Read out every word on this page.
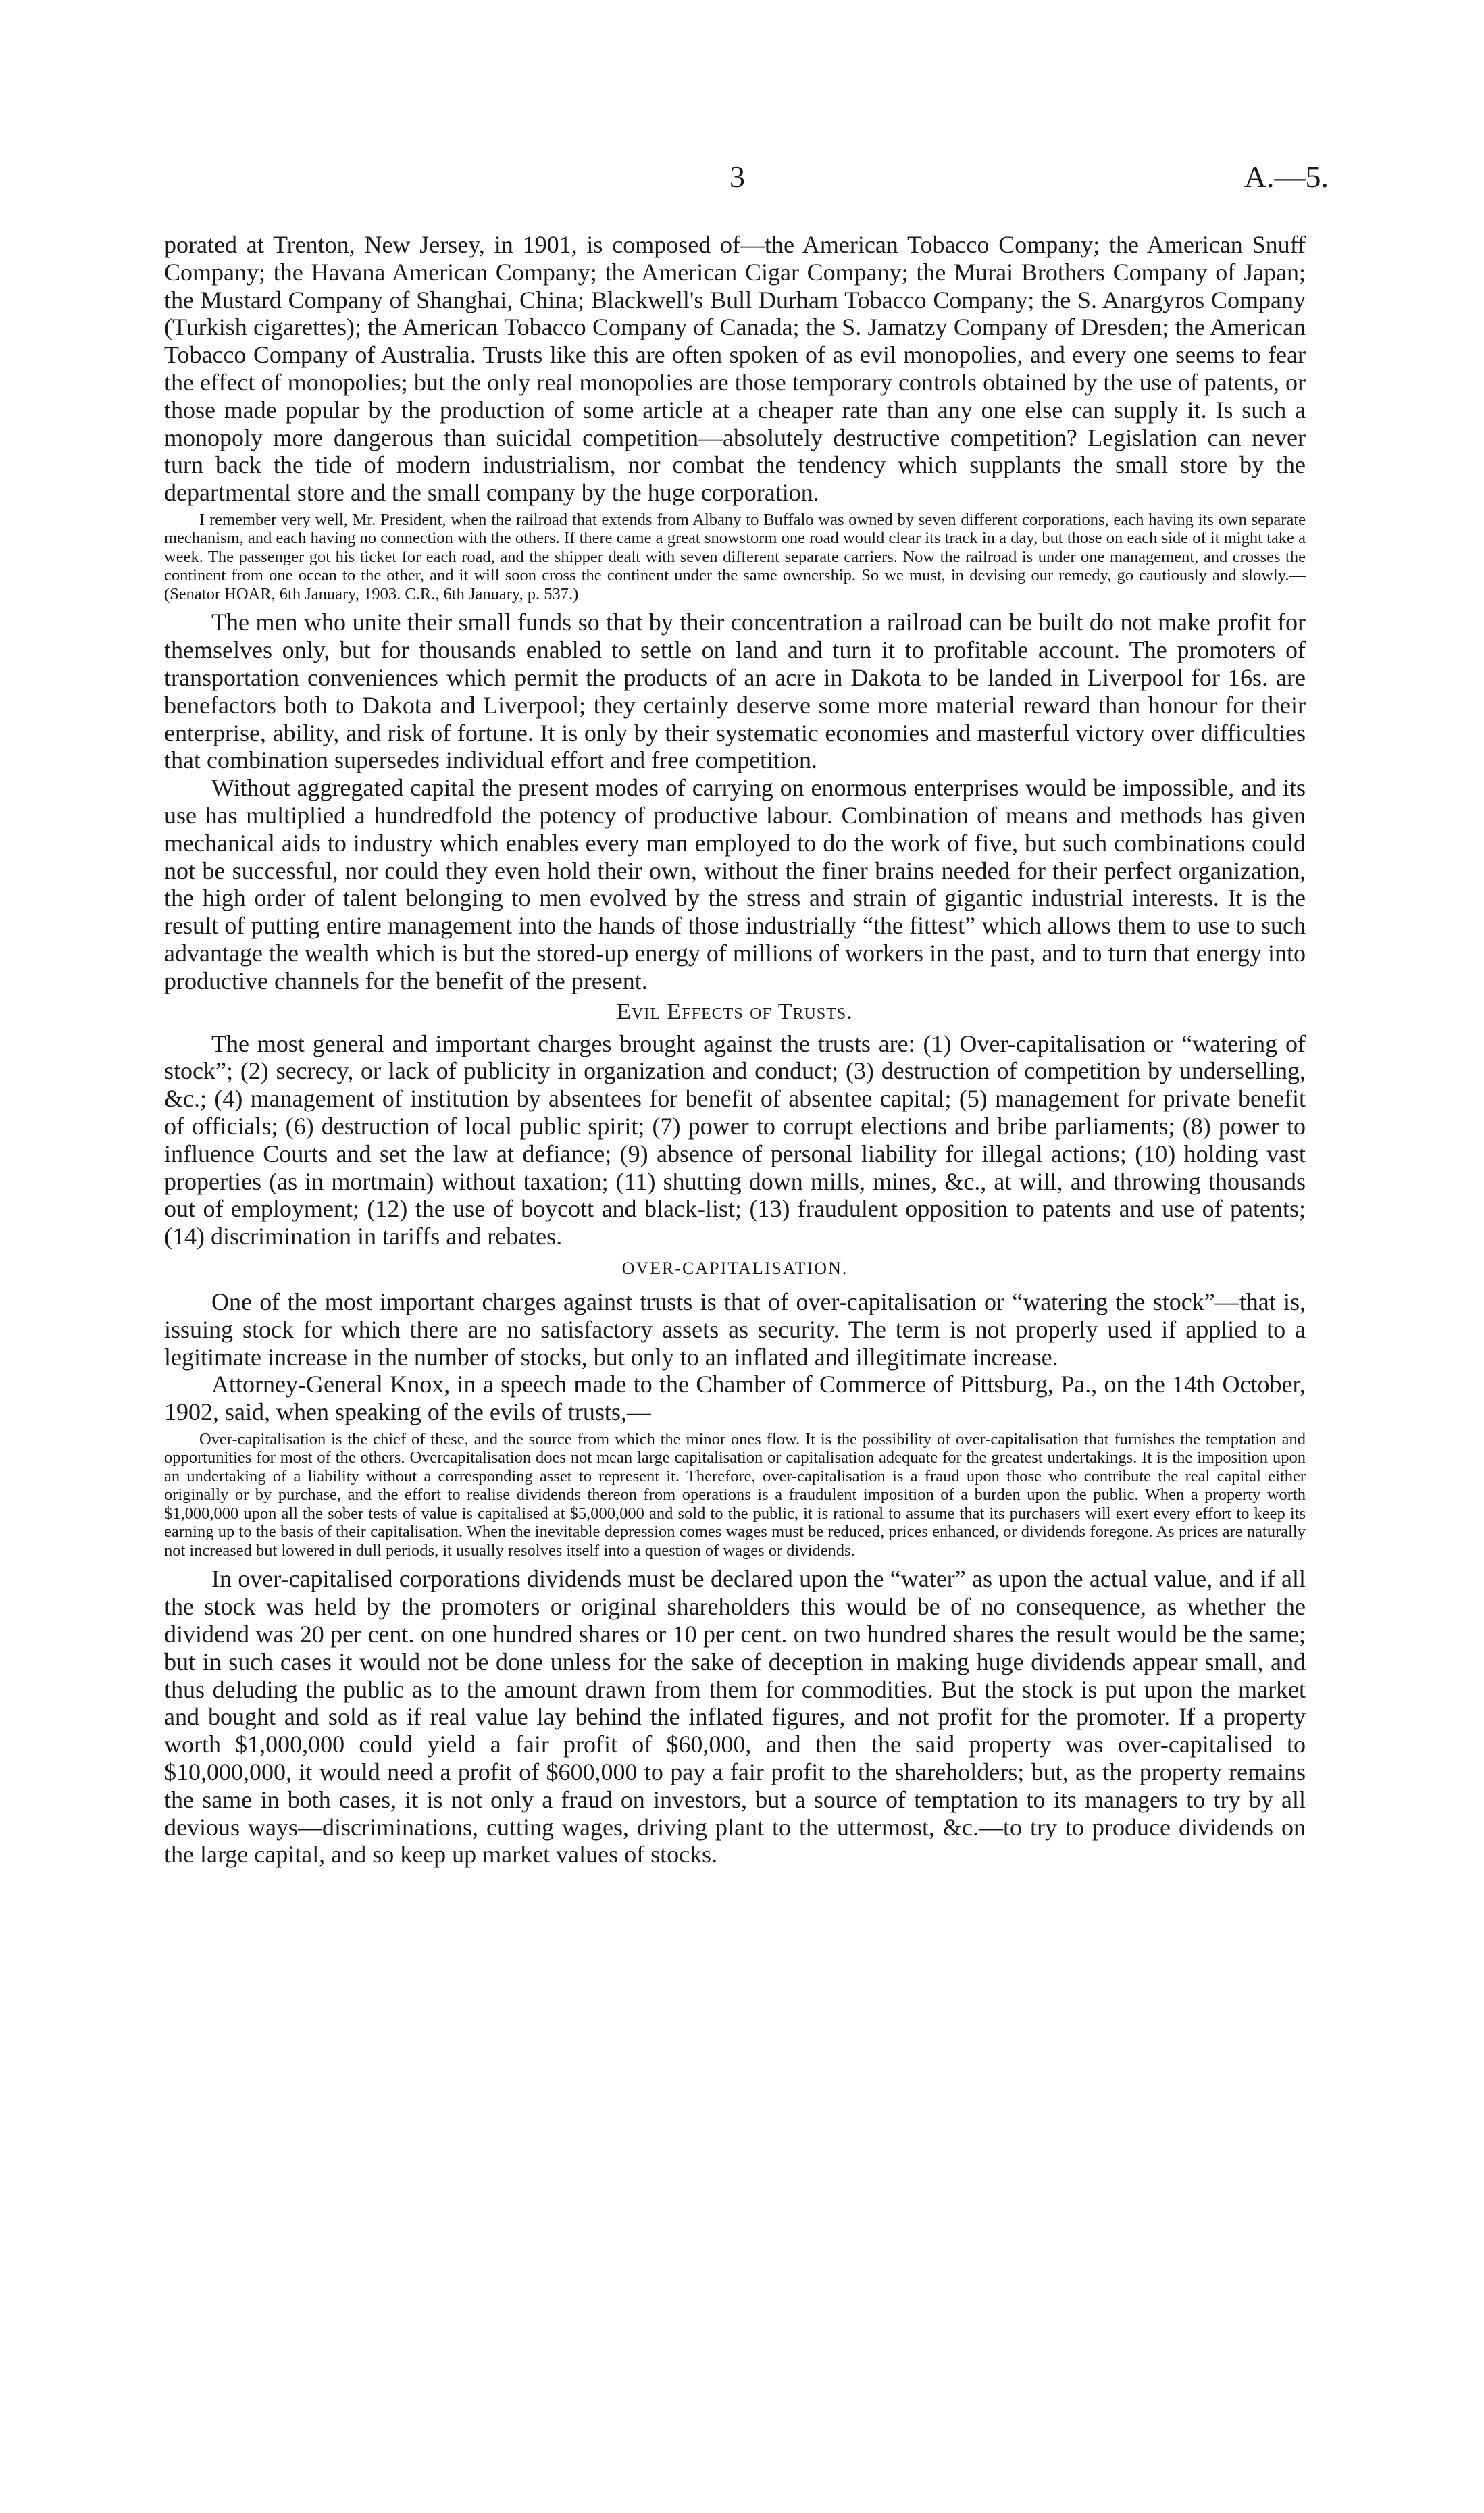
3	A.—5.

porated at Trenton, New Jersey, in 1901, is composed of—the American Tobacco Company; the American Snuff Company; the Havana American Company; the American Cigar Company; the Murai Brothers Company of Japan; the Mustard Company of Shanghai, China; Blackwell's Bull Durham Tobacco Company; the S. Anargyros Company (Turkish cigarettes); the American Tobacco Company of Canada; the S. Jamatzy Company of Dresden; the American Tobacco Company of Australia. Trusts like this are often spoken of as evil monopolies, and every one seems to fear the effect of monopolies; but the only real monopolies are those temporary controls obtained by the use of patents, or those made popular by the production of some article at a cheaper rate than any one else can supply it. Is such a monopoly more dangerous than suicidal competition—absolutely destructive competition? Legislation can never turn back the tide of modern industrialism, nor combat the tendency which supplants the small store by the departmental store and the small company by the huge corporation.

I remember very well, Mr. President, when the railroad that extends from Albany to Buffalo was owned by seven different corporations, each having its own separate mechanism, and each having no connection with the others. If there came a great snowstorm one road would clear its track in a day, but those on each side of it might take a week. The passenger got his ticket for each road, and the shipper dealt with seven different separate carriers. Now the railroad is under one management, and crosses the continent from one ocean to the other, and it will soon cross the continent under the same ownership. So we must, in devising our remedy, go cautiously and slowly.—(Senator HOAR, 6th January, 1903. C.R., 6th January, p. 537.)

The men who unite their small funds so that by their concentration a railroad can be built do not make profit for themselves only, but for thousands enabled to settle on land and turn it to profitable account. The promoters of transportation conveniences which permit the products of an acre in Dakota to be landed in Liverpool for 16s. are benefactors both to Dakota and Liverpool; they certainly deserve some more material reward than honour for their enterprise, ability, and risk of fortune. It is only by their systematic economies and masterful victory over difficulties that combination supersedes individual effort and free competition.

Without aggregated capital the present modes of carrying on enormous enterprises would be impossible, and its use has multiplied a hundredfold the potency of productive labour. Combination of means and methods has given mechanical aids to industry which enables every man employed to do the work of five, but such combinations could not be successful, nor could they even hold their own, without the finer brains needed for their perfect organization, the high order of talent belonging to men evolved by the stress and strain of gigantic industrial interests. It is the result of putting entire management into the hands of those industrially “the fittest” which allows them to use to such advantage the wealth which is but the stored-up energy of millions of workers in the past, and to turn that energy into productive channels for the benefit of the present.

Evil Effects of Trusts.

The most general and important charges brought against the trusts are: (1) Over-capitalisation or “watering of stock”; (2) secrecy, or lack of publicity in organization and conduct; (3) destruction of competition by underselling, &c.; (4) management of institution by absentees for benefit of absentee capital; (5) management for private benefit of officials; (6) destruction of local public spirit; (7) power to corrupt elections and bribe parliaments; (8) power to influence Courts and set the law at defiance; (9) absence of personal liability for illegal actions; (10) holding vast properties (as in mortmain) without taxation; (11) shutting down mills, mines, &c., at will, and throwing thousands out of employment; (12) the use of boycott and black-list; (13) fraudulent opposition to patents and use of patents; (14) discrimination in tariffs and rebates.

OVER-CAPITALISATION.

One of the most important charges against trusts is that of over-capitalisation or “watering the stock”—that is, issuing stock for which there are no satisfactory assets as security. The term is not properly used if applied to a legitimate increase in the number of stocks, but only to an inflated and illegitimate increase.

Attorney-General Knox, in a speech made to the Chamber of Commerce of Pittsburg, Pa., on the 14th October, 1902, said, when speaking of the evils of trusts,—

Over-capitalisation is the chief of these, and the source from which the minor ones flow. It is the possibility of over-capitalisation that furnishes the temptation and opportunities for most of the others. Overcapitalisation does not mean large capitalisation or capitalisation adequate for the greatest undertakings. It is the imposition upon an undertaking of a liability without a corresponding asset to represent it. Therefore, over-capitalisation is a fraud upon those who contribute the real capital either originally or by purchase, and the effort to realise dividends thereon from operations is a fraudulent imposition of a burden upon the public. When a property worth $1,000,000 upon all the sober tests of value is capitalised at $5,000,000 and sold to the public, it is rational to assume that its purchasers will exert every effort to keep its earning up to the basis of their capitalisation. When the inevitable depression comes wages must be reduced, prices enhanced, or dividends foregone. As prices are naturally not increased but lowered in dull periods, it usually resolves itself into a question of wages or dividends.

In over-capitalised corporations dividends must be declared upon the “water” as upon the actual value, and if all the stock was held by the promoters or original shareholders this would be of no consequence, as whether the dividend was 20 per cent. on one hundred shares or 10 per cent. on two hundred shares the result would be the same; but in such cases it would not be done unless for the sake of deception in making huge dividends appear small, and thus deluding the public as to the amount drawn from them for commodities. But the stock is put upon the market and bought and sold as if real value lay behind the inflated figures, and not profit for the promoter. If a property worth $1,000,000 could yield a fair profit of $60,000, and then the said property was over-capitalised to $10,000,000, it would need a profit of $600,000 to pay a fair profit to the shareholders; but, as the property remains the same in both cases, it is not only a fraud on investors, but a source of temptation to its managers to try by all devious ways—discriminations, cutting wages, driving plant to the uttermost, &c.—to try to produce dividends on the large capital, and so keep up market values of stocks.
